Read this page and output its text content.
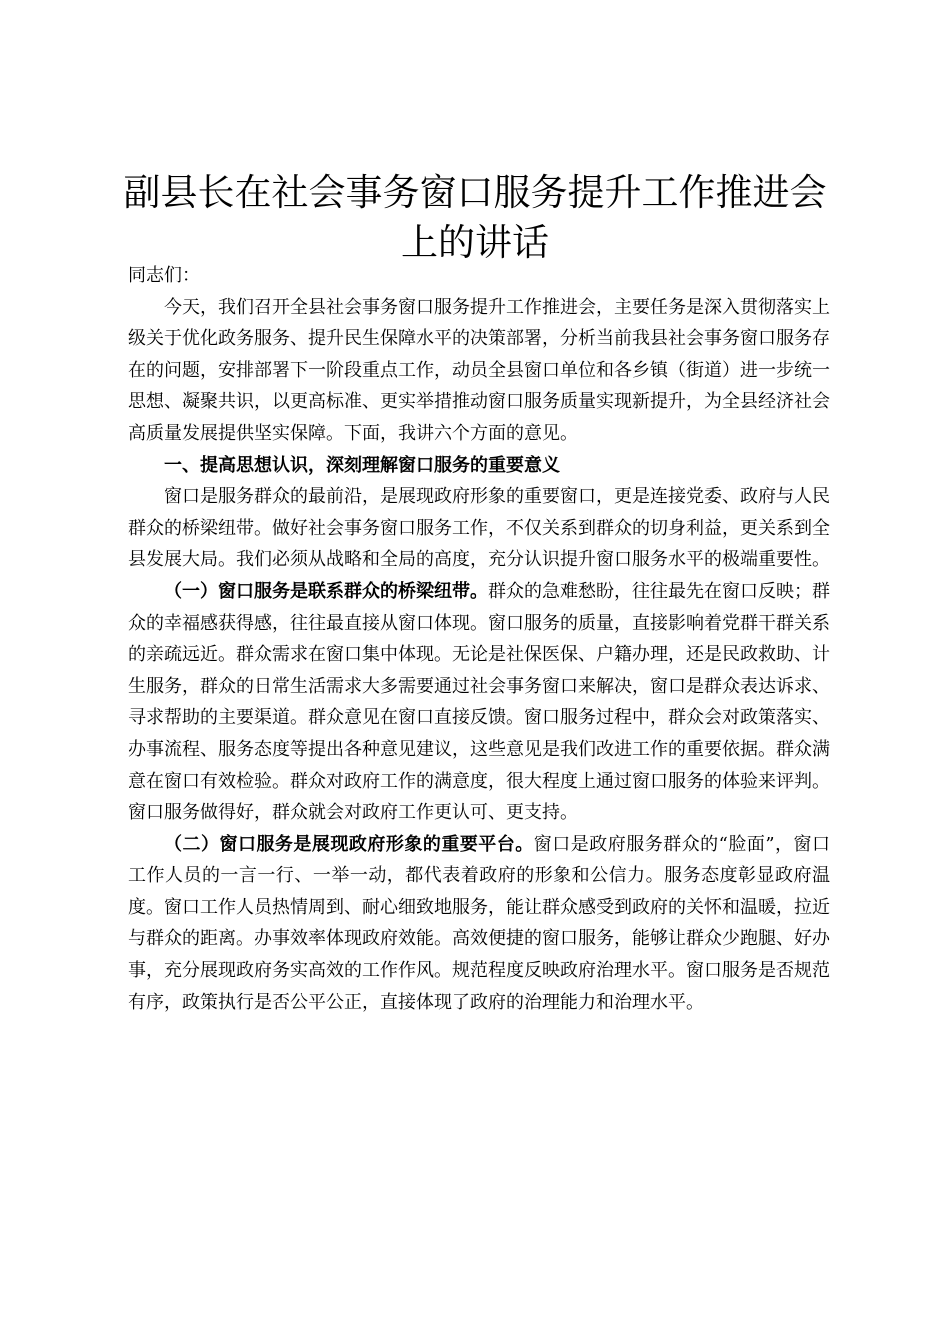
副县长在社会事务窗口服务提升工作推进会上的讲话

同志们：

今天，我们召开全县社会事务窗口服务提升工作推进会，主要任务是深入贯彻落实上级关于优化政务服务、提升民生保障水平的决策部署，分析当前我县社会事务窗口服务存在的问题，安排部署下一阶段重点工作，动员全县窗口单位和各乡镇（街道）进一步统一思想、凝聚共识，以更高标准、更实举措推动窗口服务质量实现新提升，为全县经济社会高质量发展提供坚实保障。下面，我讲六个方面的意见。

一、提高思想认识，深刻理解窗口服务的重要意义

窗口是服务群众的最前沿，是展现政府形象的重要窗口，更是连接党委、政府与人民群众的桥梁纽带。做好社会事务窗口服务工作，不仅关系到群众的切身利益，更关系到全县发展大局。我们必须从战略和全局的高度，充分认识提升窗口服务水平的极端重要性。

（一）窗口服务是联系群众的桥梁纽带。群众的急难愁盼，往往最先在窗口反映；群众的幸福感获得感，往往最直接从窗口体现。窗口服务的质量，直接影响着党群干群关系的亲疏远近。群众需求在窗口集中体现。无论是社保医保、户籍办理，还是民政救助、计生服务，群众的日常生活需求大多需要通过社会事务窗口来解决，窗口是群众表达诉求、寻求帮助的主要渠道。群众意见在窗口直接反馈。窗口服务过程中，群众会对政策落实、办事流程、服务态度等提出各种意见建议，这些意见是我们改进工作的重要依据。群众满意在窗口有效检验。群众对政府工作的满意度，很大程度上通过窗口服务的体验来评判。窗口服务做得好，群众就会对政府工作更认可、更支持。

（二）窗口服务是展现政府形象的重要平台。窗口是政府服务群众的“脸面”，窗口工作人员的一言一行、一举一动，都代表着政府的形象和公信力。服务态度彰显政府温度。窗口工作人员热情周到、耐心细致地服务，能让群众感受到政府的关怀和温暖，拉近与群众的距离。办事效率体现政府效能。高效便捷的窗口服务，能够让群众少跑腿、好办事，充分展现政府务实高效的工作作风。规范程度反映政府治理水平。窗口服务是否规范有序，政策执行是否公平公正，直接体现了政府的治理能力和治理水平。
